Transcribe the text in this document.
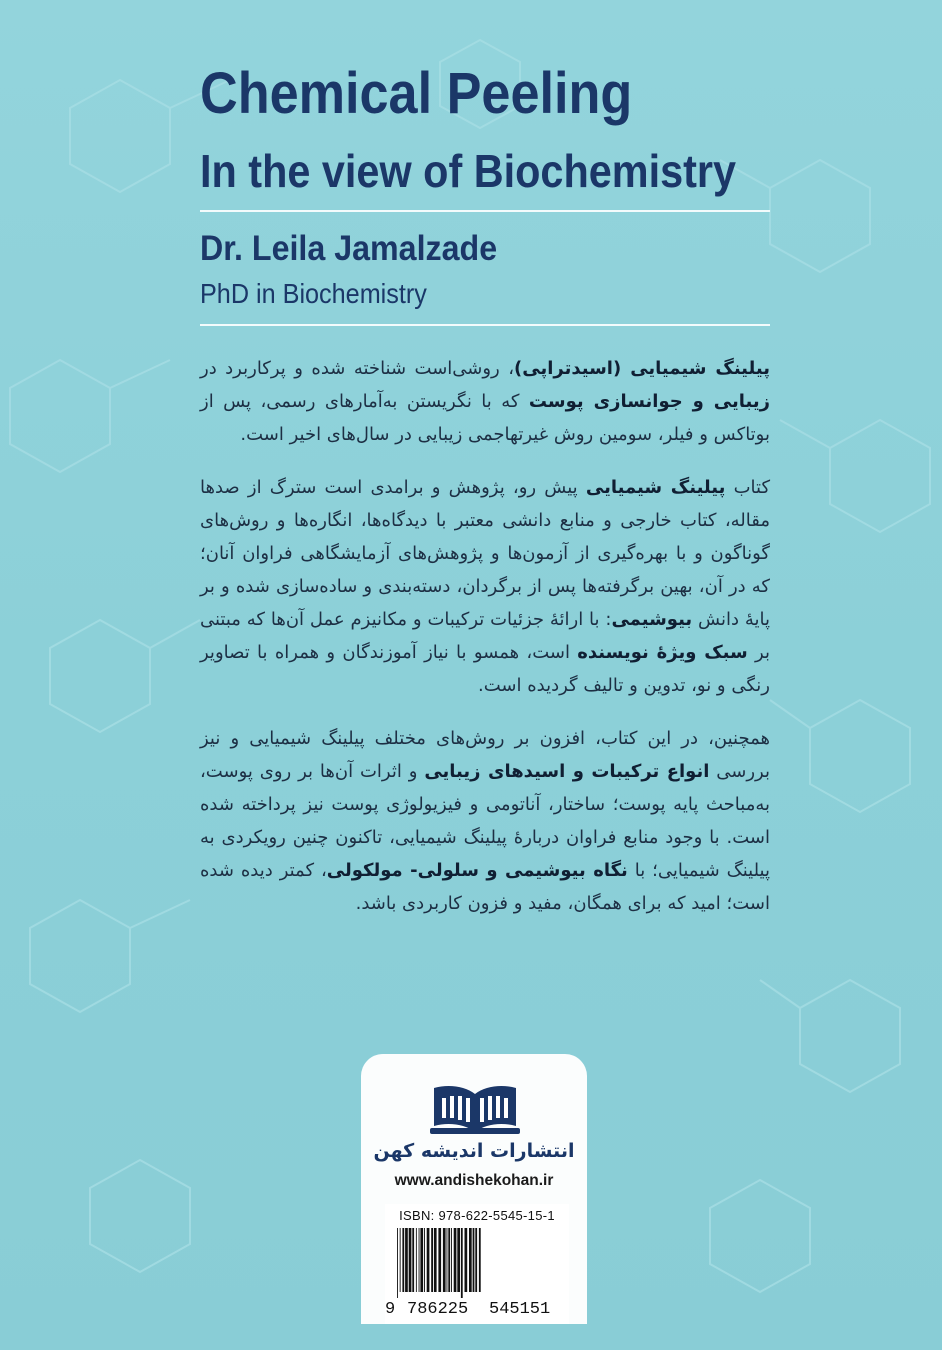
Chemical Peeling
In the view of Biochemistry
Dr. Leila Jamalzade
PhD in Biochemistry

پیلینگ شیمیایی (اسیدتراپی)، روشی‌است شناخته شده و پرکاربرد در زیبایی و جوانسازی پوست که با نگریستن به‌آمارهای رسمی، پس از بوتاکس و فیلر، سومین روش غیرتهاجمی زیبایی در سال‌های اخیر است.

کتاب پیلینگ شیمیایی پیش رو، پژوهش و برامدی است سترگ از صدها مقاله، کتاب خارجی و منابع دانشی معتبر با دیدگاه‌ها، انگاره‌ها و روش‌های گوناگون و با بهره‌گیری از آزمون‌ها و پژوهش‌های آزمایشگاهی فراوان آنان؛ که در آن، بهین برگرفته‌ها پس از برگردان، دسته‌بندی و ساده‌سازی شده و بر پایهٔ دانش بیوشیمی: با ارائهٔ جزئیات ترکیبات و مکانیزم عمل آن‌ها که مبتنی بر سبک ویژهٔ نویسنده است، همسو با نیاز آموزندگان و همراه با تصاویر رنگی و نو، تدوین و تالیف گردیده است.

همچنین، در این کتاب، افزون بر روش‌های مختلف پیلینگ شیمیایی و نیز بررسی انواع ترکیبات و اسیدهای زیبایی و اثرات آن‌ها بر روی پوست، به‌مباحث پایه پوست؛ ساختار، آناتومی و فیزیولوژی پوست نیز پرداخته شده است. با وجود منابع فراوان دربارهٔ پیلینگ شیمیایی، تاکنون چنین رویکردی به پیلینگ شیمیایی؛ با نگاه بیوشیمی و سلولی- مولکولی، کمتر دیده شده است؛ امید که برای همگان، مفید و فزون کاربردی باشد.

انتشارات اندیشه کهن
www.andishekohan.ir
ISBN: 978-622-5545-15-1
9 786225 545151
